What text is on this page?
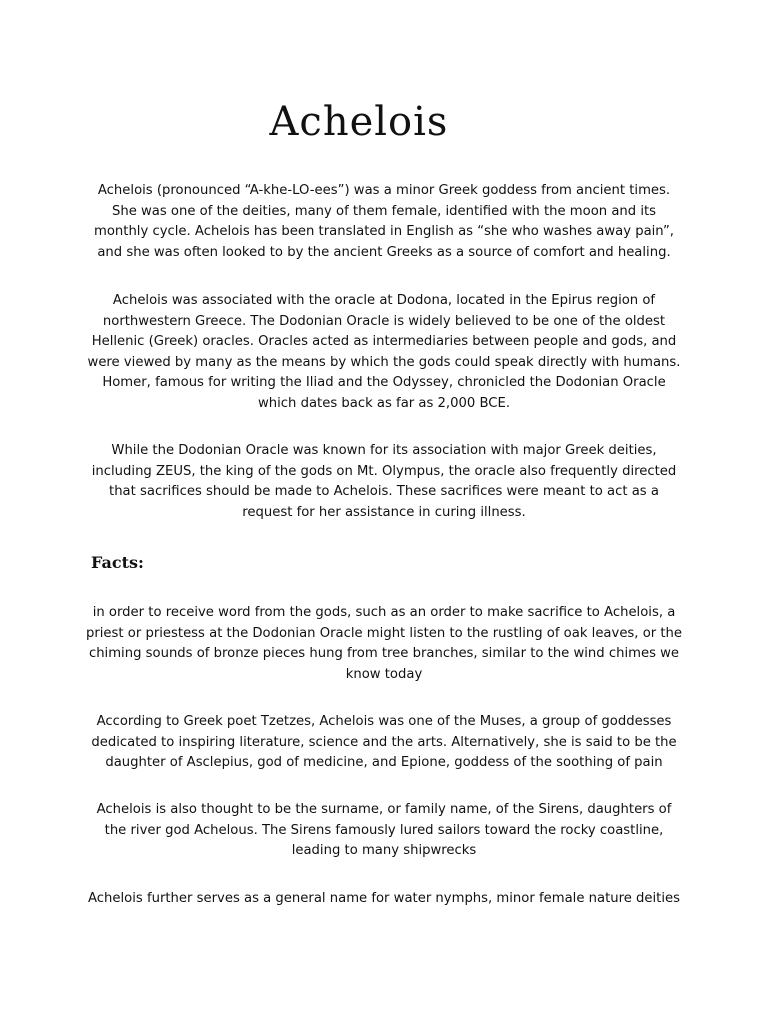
Achelois

Achelois (pronounced “A-khe-LO-ees”) was a minor Greek goddess from ancient times. She was one of the deities, many of them female, identified with the moon and its monthly cycle. Achelois has been translated in English as “she who washes away pain”, and she was often looked to by the ancient Greeks as a source of comfort and healing.

Achelois was associated with the oracle at Dodona, located in the Epirus region of northwestern Greece. The Dodonian Oracle is widely believed to be one of the oldest Hellenic (Greek) oracles. Oracles acted as intermediaries between people and gods, and were viewed by many as the means by which the gods could speak directly with humans. Homer, famous for writing the Iliad and the Odyssey, chronicled the Dodonian Oracle which dates back as far as 2,000 BCE.

While the Dodonian Oracle was known for its association with major Greek deities, including ZEUS, the king of the gods on Mt. Olympus, the oracle also frequently directed that sacrifices should be made to Achelois. These sacrifices were meant to act as a request for her assistance in curing illness.

Facts:

in order to receive word from the gods, such as an order to make sacrifice to Achelois, a priest or priestess at the Dodonian Oracle might listen to the rustling of oak leaves, or the chiming sounds of bronze pieces hung from tree branches, similar to the wind chimes we know today

According to Greek poet Tzetzes, Achelois was one of the Muses, a group of goddesses dedicated to inspiring literature, science and the arts. Alternatively, she is said to be the daughter of Asclepius, god of medicine, and Epione, goddess of the soothing of pain

Achelois is also thought to be the surname, or family name, of the Sirens, daughters of the river god Achelous. The Sirens famously lured sailors toward the rocky coastline, leading to many shipwrecks

Achelois further serves as a general name for water nymphs, minor female nature deities
